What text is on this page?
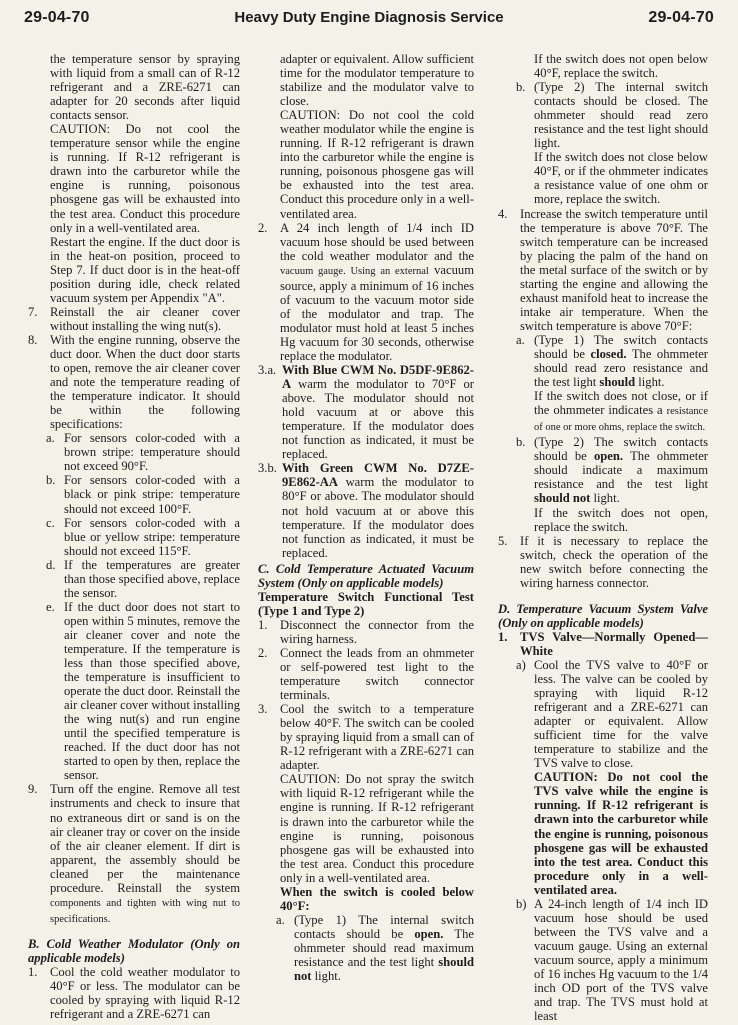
29-04-70	Heavy Duty Engine Diagnosis Service	29-04-70

the temperature sensor by spraying with liquid from a small can of R-12 refrigerant and a ZRE-6271 can adapter for 20 seconds after liquid contacts sensor.

CAUTION: Do not cool the temperature sensor while the engine is running. If R-12 refrigerant is drawn into the carburetor while the engine is running, poisonous phosgene gas will be exhausted into the test area. Conduct this procedure only in a well-ventilated area.

Restart the engine. If the duct door is in the heat-on position, proceed to Step 7. If duct door is in the heat-off position during idle, check related vacuum system per Appendix "A".

7. Reinstall the air cleaner cover without installing the wing nut(s).
8. With the engine running, observe the duct door. When the duct door starts to open, remove the air cleaner cover and note the temperature reading of the temperature indicator. It should be within the following specifications:
a. For sensors color-coded with a brown stripe: temperature should not exceed 90°F.
b. For sensors color-coded with a black or pink stripe: temperature should not exceed 100°F.
c. For sensors color-coded with a blue or yellow stripe: temperature should not exceed 115°F.
d. If the temperatures are greater than those specified above, replace the sensor.
e. If the duct door does not start to open within 5 minutes, remove the air cleaner cover and note the temperature. If the temperature is less than those specified above, the temperature is insufficient to operate the duct door. Reinstall the air cleaner cover without installing the wing nut(s) and run engine until the specified temperature is reached. If the duct door has not started to open by then, replace the sensor.
9. Turn off the engine. Remove all test instruments and check to insure that no extraneous dirt or sand is on the air cleaner tray or cover on the inside of the air cleaner element. If dirt is apparent, the assembly should be cleaned per the maintenance procedure. Reinstall the system components and tighten with wing nut to specifications.

B. Cold Weather Modulator (Only on applicable models)

1. Cool the cold weather modulator to 40°F or less. The modulator can be cooled by spraying with liquid R-12 refrigerant and a ZRE-6271 can

adapter or equivalent. Allow sufficient time for the modulator temperature to stabilize and the modulator valve to close.

CAUTION: Do not cool the cold weather modulator while the engine is running. If R-12 refrigerant is drawn into the carburetor while the engine is running, poisonous phosgene gas will be exhausted into the test area. Conduct this procedure only in a well-ventilated area.

2. A 24 inch length of 1/4 inch ID vacuum hose should be used between the cold weather modulator and the vacuum gauge. Using an external vacuum source, apply a minimum of 16 inches of vacuum to the vacuum motor side of the modulator and trap. The modulator must hold at least 5 inches Hg vacuum for 30 seconds, otherwise replace the modulator.
3.a. With Blue CWM No. D5DF-9E862-A warm the modulator to 70°F or above. The modulator should not hold vacuum at or above this temperature. If the modulator does not function as indicated, it must be replaced.
3.b. With Green CWM No. D7ZE-9E862-AA warm the modulator to 80°F or above. The modulator should not hold vacuum at or above this temperature. If the modulator does not function as indicated, it must be replaced.

C. Cold Temperature Actuated Vacuum System (Only on applicable models)

Temperature Switch Functional Test (Type 1 and Type 2)

1. Disconnect the connector from the wiring harness.
2. Connect the leads from an ohmmeter or self-powered test light to the temperature switch connector terminals.
3. Cool the switch to a temperature below 40°F. The switch can be cooled by spraying liquid from a small can of R-12 refrigerant with a ZRE-6271 can adapter.

CAUTION: Do not spray the switch with liquid R-12 refrigerant while the engine is running. If R-12 refrigerant is drawn into the carburetor while the engine is running, poisonous phosgene gas will be exhausted into the test area. Conduct this procedure only in a well-ventilated area.

When the switch is cooled below 40°F:

a. (Type 1) The internal switch contacts should be open. The ohmmeter should read maximum resistance and the test light should not light.

If the switch does not open below 40°F, replace the switch.

b. (Type 2) The internal switch contacts should be closed. The ohmmeter should read zero resistance and the test light should light.

If the switch does not close below 40°F, or if the ohmmeter indicates a resistance value of one ohm or more, replace the switch.

4. Increase the switch temperature until the temperature is above 70°F. The switch temperature can be increased by placing the palm of the hand on the metal surface of the switch or by starting the engine and allowing the exhaust manifold heat to increase the intake air temperature. When the switch temperature is above 70°F:
a. (Type 1) The switch contacts should be closed. The ohmmeter should read zero resistance and the test light should light.

If the switch does not close, or if the ohmmeter indicates a resistance of one or more ohms, replace the switch.

b. (Type 2) The switch contacts should be open. The ohmmeter should indicate a maximum resistance and the test light should not light.

If the switch does not open, replace the switch.

5. If it is necessary to replace the switch, check the operation of the new switch before connecting the wiring harness connector.

D. Temperature Vacuum System Valve (Only on applicable models)

1. TVS Valve—Normally Opened—White
a) Cool the TVS valve to 40°F or less. The valve can be cooled by spraying with liquid R-12 refrigerant and a ZRE-6271 can adapter or equivalent. Allow sufficient time for the valve temperature to stabilize and the TVS valve to close.

CAUTION: Do not cool the TVS valve while the engine is running. If R-12 refrigerant is drawn into the carburetor while the engine is running, poisonous phosgene gas will be exhausted into the test area. Conduct this procedure only in a well-ventilated area.

b) A 24-inch length of 1/4 inch ID vacuum hose should be used between the TVS valve and a vacuum gauge. Using an external vacuum source, apply a minimum of 16 inches Hg vacuum to the 1/4 inch OD port of the TVS valve and trap. The TVS must hold at least
